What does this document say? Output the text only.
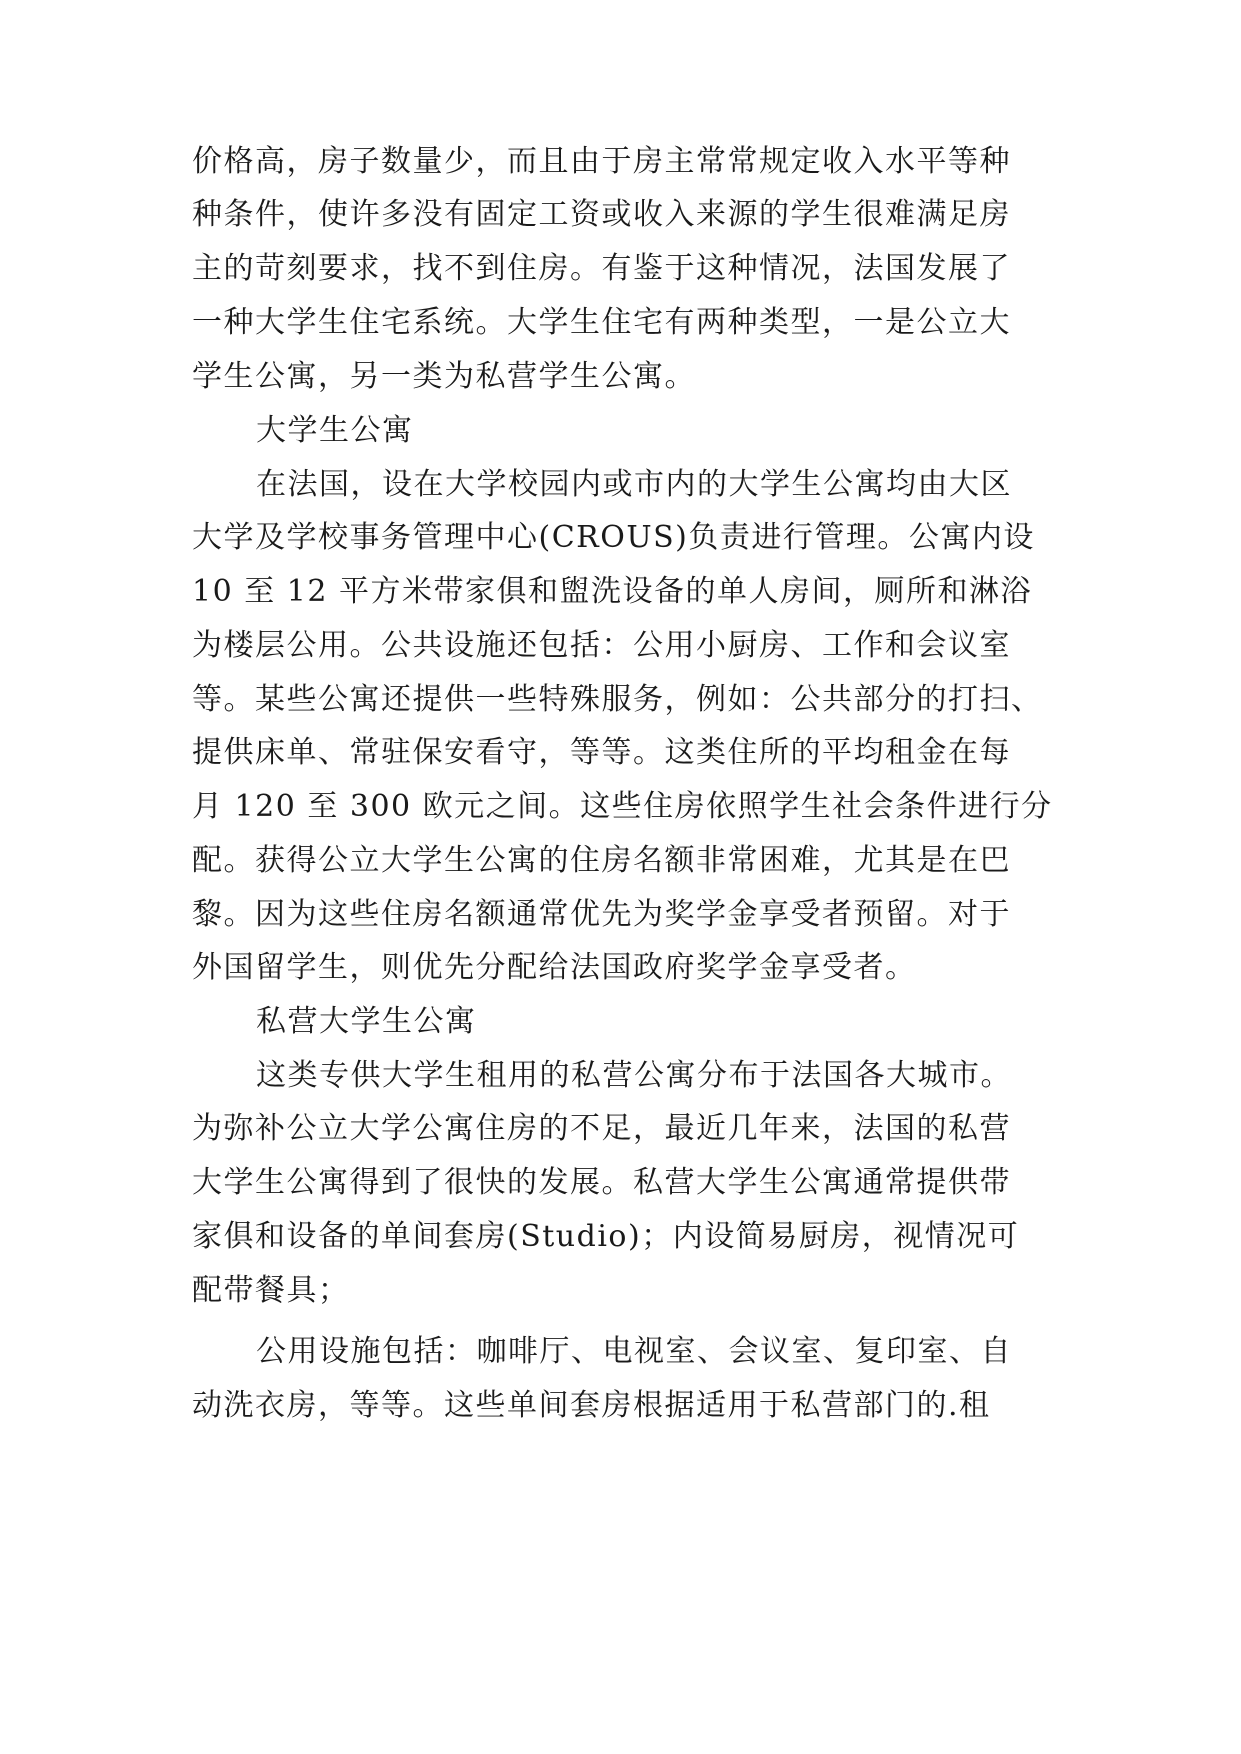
价格高，房子数量少，而且由于房主常常规定收入水平等种
种条件，使许多没有固定工资或收入来源的学生很难满足房
主的苛刻要求，找不到住房。有鉴于这种情况，法国发展了
一种大学生住宅系统。大学生住宅有两种类型，一是公立大
学生公寓，另一类为私营学生公寓。
大学生公寓
在法国，设在大学校园内或市内的大学生公寓均由大区
大学及学校事务管理中心(CROUS)负责进行管理。公寓内设
10 至 12 平方米带家俱和盥洗设备的单人房间，厕所和淋浴
为楼层公用。公共设施还包括：公用小厨房、工作和会议室
等。某些公寓还提供一些特殊服务，例如：公共部分的打扫、
提供床单、常驻保安看守，等等。这类住所的平均租金在每
月 120 至 300 欧元之间。这些住房依照学生社会条件进行分
配。获得公立大学生公寓的住房名额非常困难，尤其是在巴
黎。因为这些住房名额通常优先为奖学金享受者预留。对于
外国留学生，则优先分配给法国政府奖学金享受者。
私营大学生公寓
这类专供大学生租用的私营公寓分布于法国各大城市。
为弥补公立大学公寓住房的不足，最近几年来，法国的私营
大学生公寓得到了很快的发展。私营大学生公寓通常提供带
家俱和设备的单间套房(Studio)；内设简易厨房，视情况可
配带餐具；
公用设施包括：咖啡厅、电视室、会议室、复印室、自
动洗衣房，等等。这些单间套房根据适用于私营部门的.租
